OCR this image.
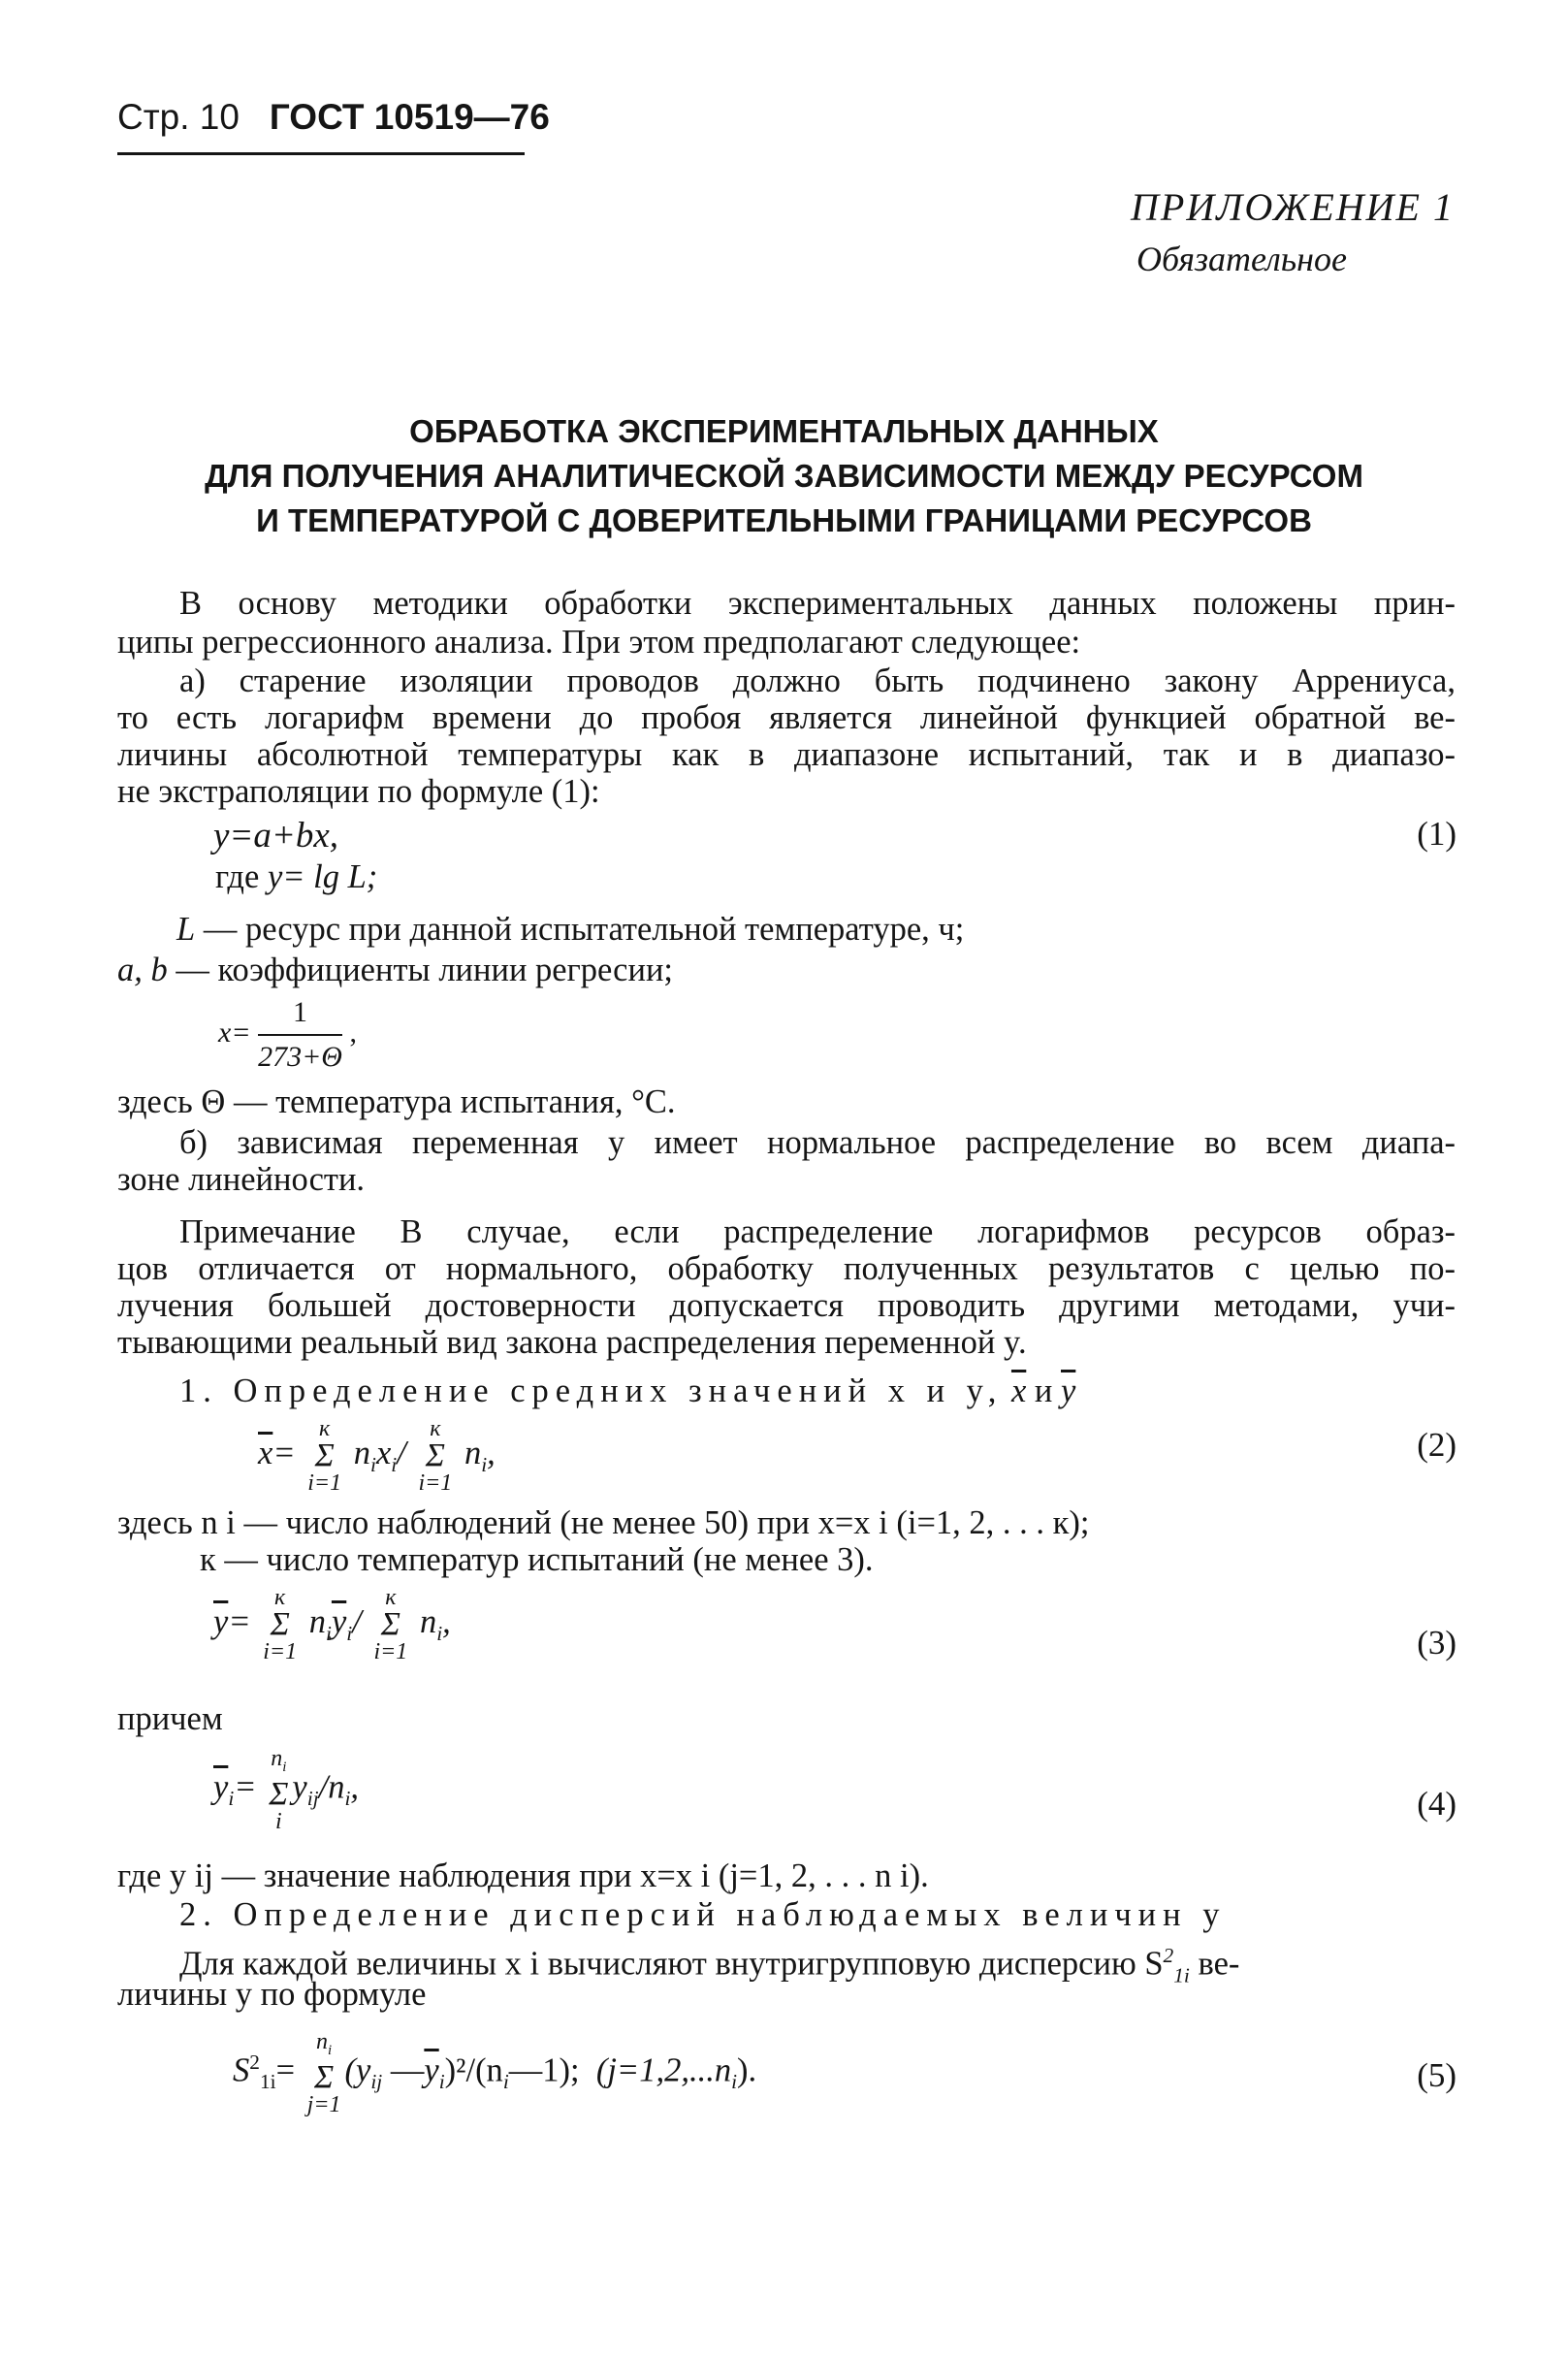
Стр. 10 ГОСТ 10519—76
ПРИЛОЖЕНИЕ 1
Обязательное
ОБРАБОТКА ЭКСПЕРИМЕНТАЛЬНЫХ ДАННЫХ
ДЛЯ ПОЛУЧЕНИЯ АНАЛИТИЧЕСКОЙ ЗАВИСИМОСТИ МЕЖДУ РЕСУРСОМ
И ТЕМПЕРАТУРОЙ С ДОВЕРИТЕЛЬНЫМИ ГРАНИЦАМИ РЕСУРСОВ
В основу методики обработки экспериментальных данных положены прин-
ципы регрессионного анализа. При этом предполагают следующее:
а) старение изоляции проводов должно быть подчинено закону Аррениуса,
то есть логарифм времени до пробоя является линейной функцией обратной ве-
личины абсолютной температуры как в диапазоне испытаний, так и в диапазо-
не экстраполяции по формуле (1):
y=a+bx,	(1)
где y= lg L;
L — ресурс при данной испытательной температуре, ч;
a, b — коэффициенты линии регресии;
$x= \frac{1}{273+\Theta}$ ,
здесь Θ — температура испытания, °С.
б) зависимая переменная y имеет нормальное распределение во всем диапа-
зоне линейности.
Примечание В случае, если распределение логарифмов ресурсов образ-
цов отличается от нормального, обработку полученных результатов с целью по-
лучения большей достоверности допускается проводить другими методами, учи-
тывающими реальный вид закона распределения переменной y.
1. Определение средних значений x и y, $\overline{x}$ и $\overline{y}$
$\overline{x}= к$
Σ
i=1 $n_ix_i/$ к
Σ
i=1 $n_i$,	(2)
здесь n i — число наблюдений (не менее 50) при x=x i (i=1, 2, . . . к);
к — число температур испытаний (не менее 3).
$\overline{y}= к$
Σ
i=1 $n_i\overline{y}_i/$ к
Σ
i=1 $n_i$,
(3)
причем
$\overline{y}_i= n_i$
Σ
$iy_{ij}/n_i$,	(4)
где y ij — значение наблюдения при x=x i (j=1, 2, . . . n i).
2. Определение дисперсий наблюдаемых величин y
Для каждой величины x i вычисляют внутригрупповую дисперсию $S^2_{1i}$ ве-
личины y по формуле
$S^2_{1i}= n_i$
Σ
$j=1(y_{ij}$ $—\overline{y}_i)^2/(n_i—1)$; $(j=1,2,...n_i)$.	(5)
